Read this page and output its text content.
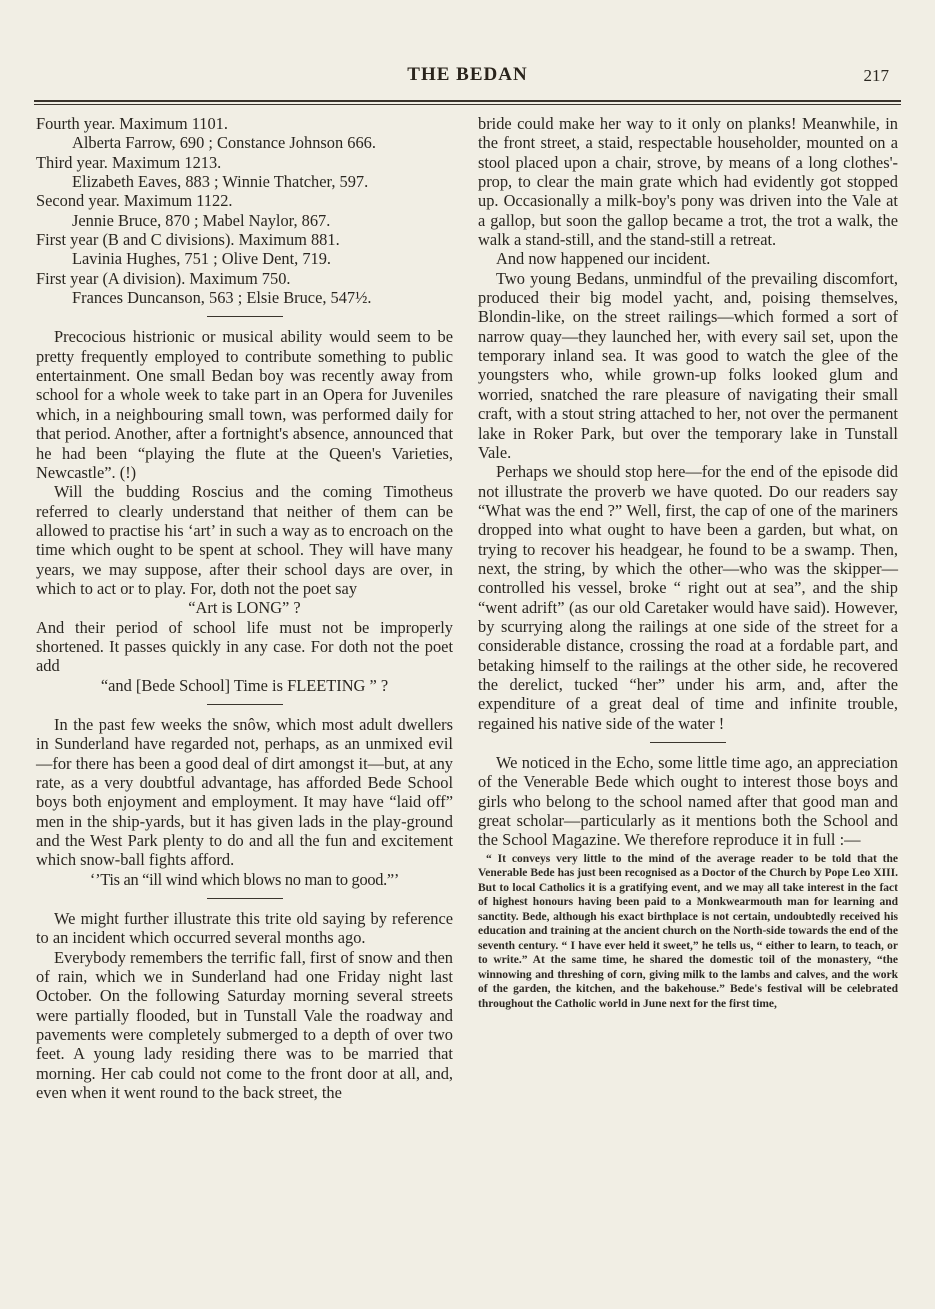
THE BEDAN	217

Fourth year. Maximum 1101.

Alberta Farrow, 690 ; Constance Johnson 666.

Third year. Maximum 1213.

Elizabeth Eaves, 883 ; Winnie Thatcher, 597.

Second year. Maximum 1122.

Jennie Bruce, 870 ; Mabel Naylor, 867.

First year (B and C divisions). Maximum 881.

Lavinia Hughes, 751 ; Olive Dent, 719.

First year (A division). Maximum 750.

Frances Duncanson, 563 ; Elsie Bruce, 547½.

Precocious histrionic or musical ability would seem to be pretty frequently employed to contribute something to public entertainment. One small Bedan boy was recently away from school for a whole week to take part in an Opera for Juveniles which, in a neighbouring small town, was performed daily for that period. Another, after a fortnight's absence, announced that he had been “playing the flute at the Queen's Varieties, Newcastle”. (!)

Will the budding Roscius and the coming Timotheus referred to clearly understand that neither of them can be allowed to practise his ‘art’ in such a way as to encroach on the time which ought to be spent at school. They will have many years, we may suppose, after their school days are over, in which to act or to play. For, doth not the poet say

“Art is LONG” ?

And their period of school life must not be improperly shortened. It passes quickly in any case. For doth not the poet add

“and [Bede School] Time is FLEETING ” ?

In the past few weeks the snôw, which most adult dwellers in Sunderland have regarded not, perhaps, as an unmixed evil—for there has been a good deal of dirt amongst it—but, at any rate, as a very doubtful advantage, has afforded Bede School boys both enjoyment and employment. It may have “laid off” men in the ship-yards, but it has given lads in the play-ground and the West Park plenty to do and all the fun and excitement which snow-ball fights afford.

‘’Tis an “ill wind which blows no man to good.”’

We might further illustrate this trite old saying by reference to an incident which occurred several months ago.

Everybody remembers the terrific fall, first of snow and then of rain, which we in Sunderland had one Friday night last October. On the following Saturday morning several streets were partially flooded, but in Tunstall Vale the roadway and pavements were completely submerged to a depth of over two feet. A young lady residing there was to be married that morning. Her cab could not come to the front door at all, and, even when it went round to the back street, the

bride could make her way to it only on planks! Meanwhile, in the front street, a staid, respectable householder, mounted on a stool placed upon a chair, strove, by means of a long clothes'-prop, to clear the main grate which had evidently got stopped up. Occasionally a milk-boy's pony was driven into the Vale at a gallop, but soon the gallop became a trot, the trot a walk, the walk a stand-still, and the stand-still a retreat.

And now happened our incident.

Two young Bedans, unmindful of the prevailing discomfort, produced their big model yacht, and, poising themselves, Blondin-like, on the street railings—which formed a sort of narrow quay—they launched her, with every sail set, upon the temporary inland sea. It was good to watch the glee of the youngsters who, while grown-up folks looked glum and worried, snatched the rare pleasure of navigating their small craft, with a stout string attached to her, not over the permanent lake in Roker Park, but over the temporary lake in Tunstall Vale.

Perhaps we should stop here—for the end of the episode did not illustrate the proverb we have quoted. Do our readers say “What was the end ?” Well, first, the cap of one of the mariners dropped into what ought to have been a garden, but what, on trying to recover his headgear, he found to be a swamp. Then, next, the string, by which the other—who was the skipper—controlled his vessel, broke “ right out at sea”, and the ship “went adrift” (as our old Caretaker would have said). However, by scurrying along the railings at one side of the street for a considerable distance, crossing the road at a fordable part, and betaking himself to the railings at the other side, he recovered the derelict, tucked “her” under his arm, and, after the expenditure of a great deal of time and infinite trouble, regained his native side of the water !

We noticed in the Echo, some little time ago, an appreciation of the Venerable Bede which ought to interest those boys and girls who belong to the school named after that good man and great scholar—particularly as it mentions both the School and the School Magazine. We therefore reproduce it in full :—

“ It conveys very little to the mind of the average reader to be told that the Venerable Bede has just been recognised as a Doctor of the Church by Pope Leo XIII. But to local Catholics it is a gratifying event, and we may all take interest in the fact of highest honours having been paid to a Monkwearmouth man for learning and sanctity. Bede, although his exact birthplace is not certain, undoubtedly received his education and training at the ancient church on the North-side towards the end of the seventh century. “ I have ever held it sweet,” he tells us, “ either to learn, to teach, or to write.” At the same time, he shared the domestic toil of the monastery, “the winnowing and threshing of corn, giving milk to the lambs and calves, and the work of the garden, the kitchen, and the bakehouse.” Bede's festival will be celebrated throughout the Catholic world in June next for the first time,
